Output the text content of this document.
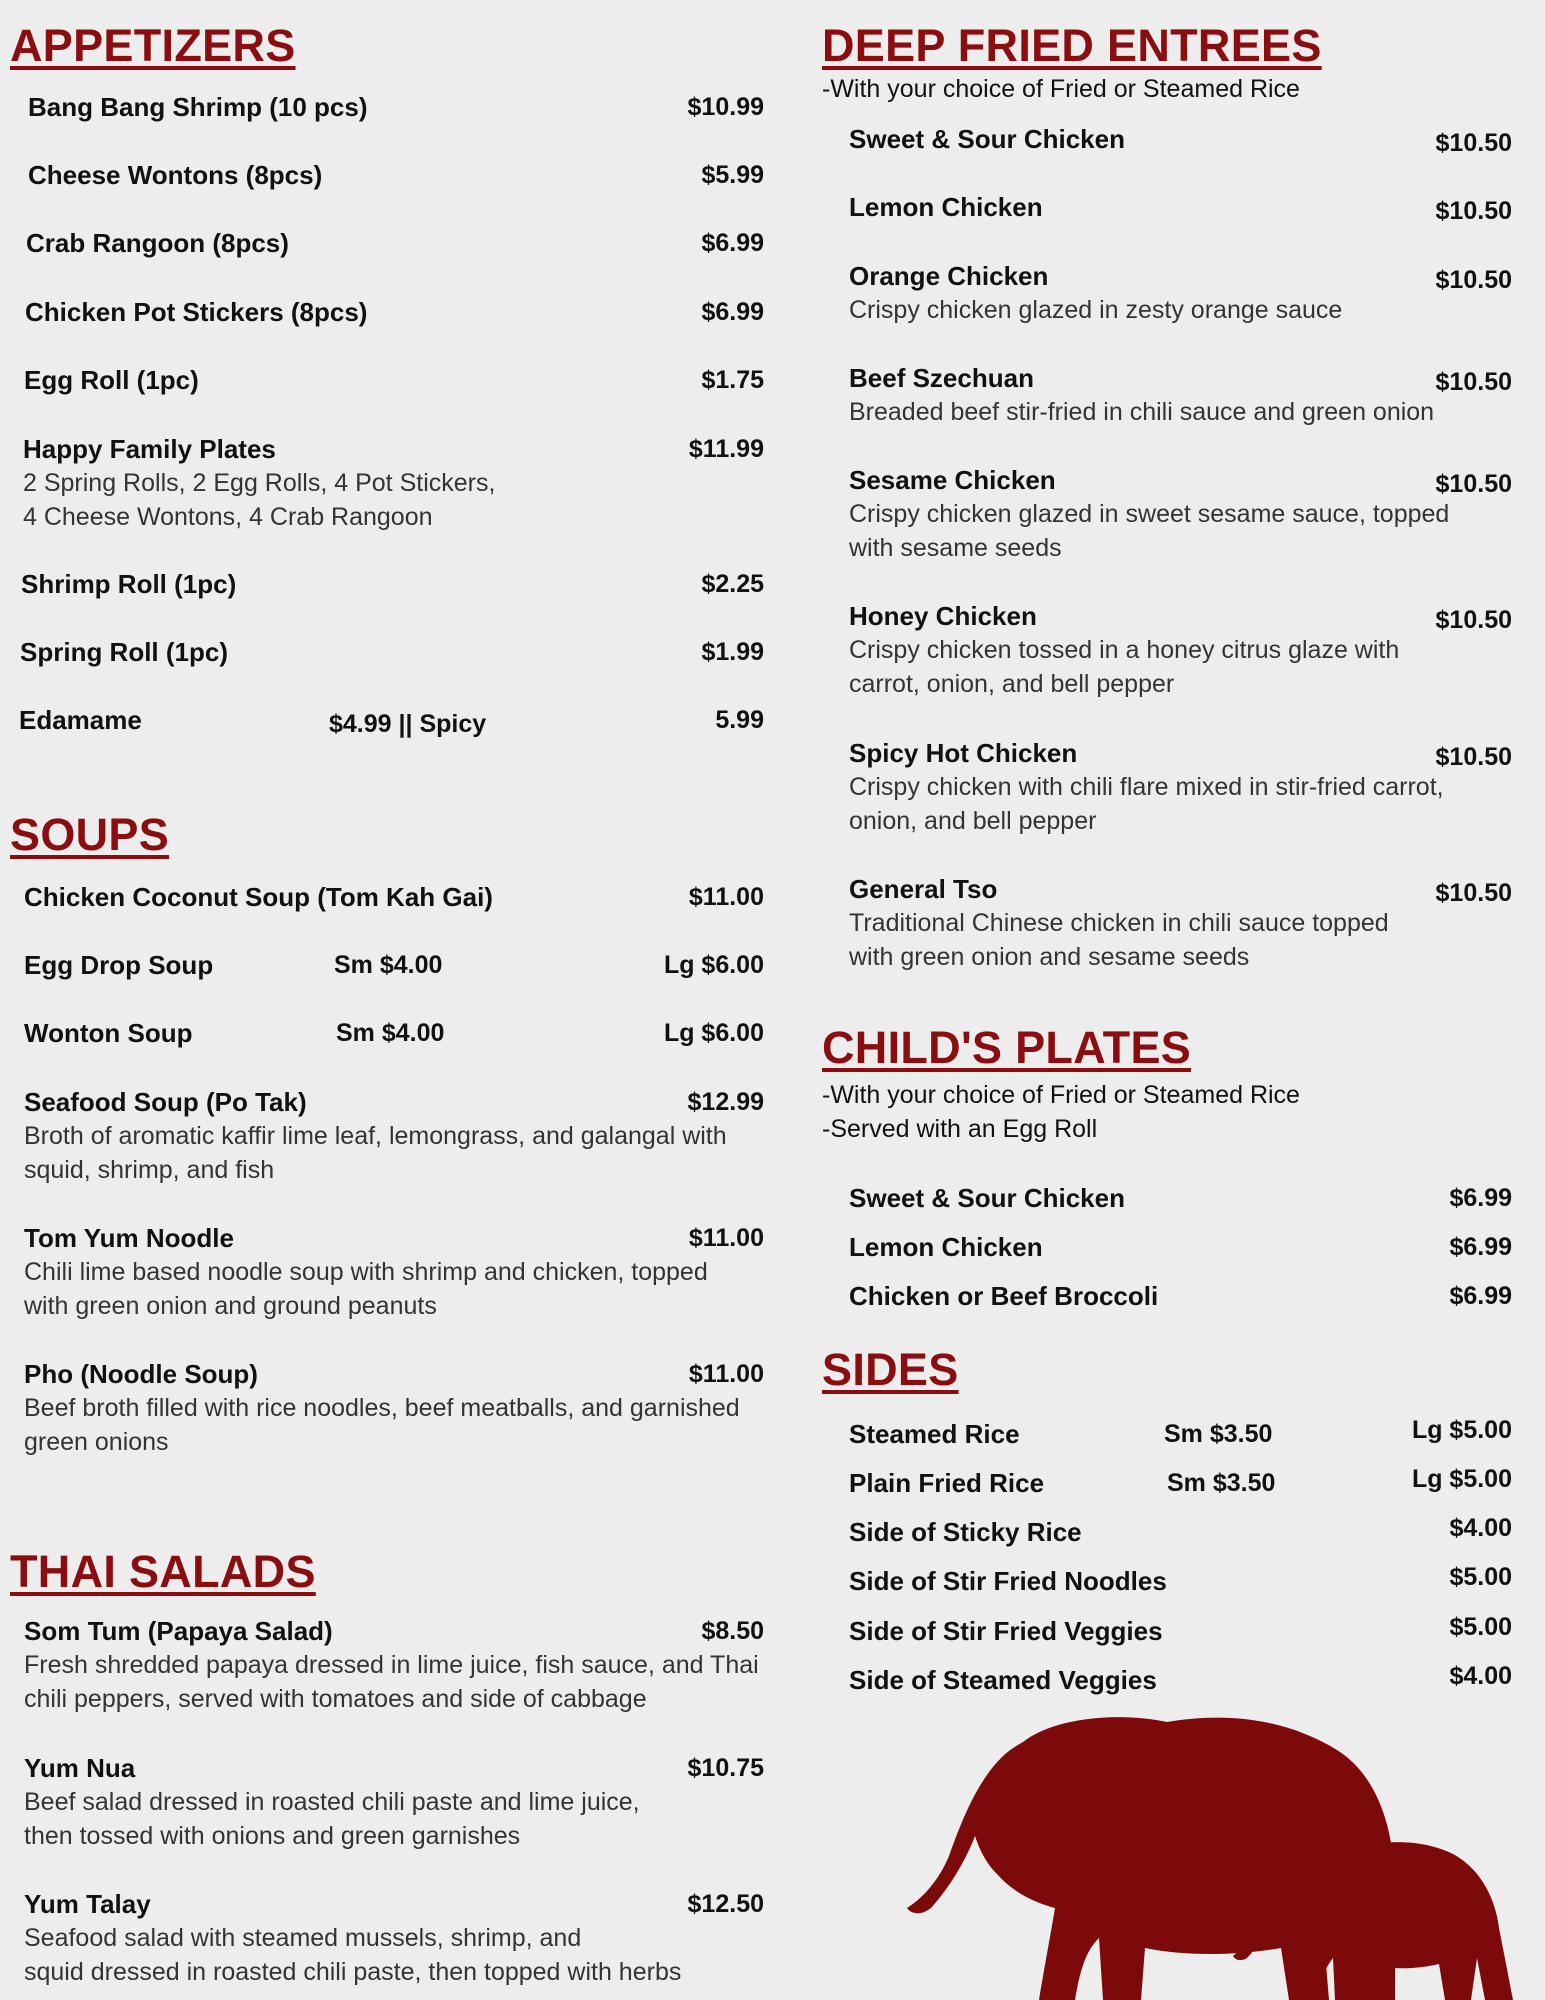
APPETIZERS
Bang Bang Shrimp (10 pcs)	$10.99
Cheese Wontons (8pcs)	$5.99
Crab Rangoon (8pcs)	$6.99
Chicken Pot Stickers (8pcs)	$6.99
Egg Roll (1pc)	$1.75
Happy Family Plates	$11.99
2 Spring Rolls, 2 Egg Rolls, 4 Pot Stickers,
4 Cheese Wontons, 4 Crab Rangoon
Shrimp Roll (1pc)	$2.25
Spring Roll (1pc)	$1.99
Edamame	$4.99 || Spicy	5.99
SOUPS
Chicken Coconut Soup (Tom Kah Gai)	$11.00
Egg Drop Soup	Sm $4.00	Lg $6.00
Wonton Soup	Sm $4.00	Lg $6.00
Seafood Soup (Po Tak)	$12.99
Broth of aromatic kaffir lime leaf, lemongrass, and galangal with
squid, shrimp, and fish
Tom Yum Noodle	$11.00
Chili lime based noodle soup with shrimp and chicken, topped
with green onion and ground peanuts
Pho (Noodle Soup)	$11.00
Beef broth filled with rice noodles, beef meatballs, and garnished
green onions
THAI SALADS
Som Tum (Papaya Salad)	$8.50
Fresh shredded papaya dressed in lime juice, fish sauce, and Thai
chili peppers, served with tomatoes and side of cabbage
Yum Nua	$10.75
Beef salad dressed in roasted chili paste and lime juice,
then tossed with onions and green garnishes
Yum Talay	$12.50
Seafood salad with steamed mussels, shrimp, and
squid dressed in roasted chili paste, then topped with herbs
DEEP FRIED ENTREES
-With your choice of Fried or Steamed Rice
Sweet & Sour Chicken	$10.50
Lemon Chicken	$10.50
Orange Chicken	$10.50
Crispy chicken glazed in zesty orange sauce
Beef Szechuan	$10.50
Breaded beef stir-fried in chili sauce and green onion
Sesame Chicken	$10.50
Crispy chicken glazed in sweet sesame sauce, topped
with sesame seeds
Honey Chicken	$10.50
Crispy chicken tossed in a honey citrus glaze with
carrot, onion, and bell pepper
Spicy Hot Chicken	$10.50
Crispy chicken with chili flare mixed in stir-fried carrot,
onion, and bell pepper
General Tso	$10.50
Traditional Chinese chicken in chili sauce topped
with green onion and sesame seeds
CHILD'S PLATES
-With your choice of Fried or Steamed Rice
-Served with an Egg Roll
Sweet & Sour Chicken	$6.99
Lemon Chicken	$6.99
Chicken or Beef Broccoli	$6.99
SIDES
Steamed Rice	Sm $3.50	Lg $5.00
Plain Fried Rice	Sm $3.50	Lg $5.00
Side of Sticky Rice	$4.00
Side of Stir Fried Noodles	$5.00
Side of Stir Fried Veggies	$5.00
Side of Steamed Veggies	$4.00
